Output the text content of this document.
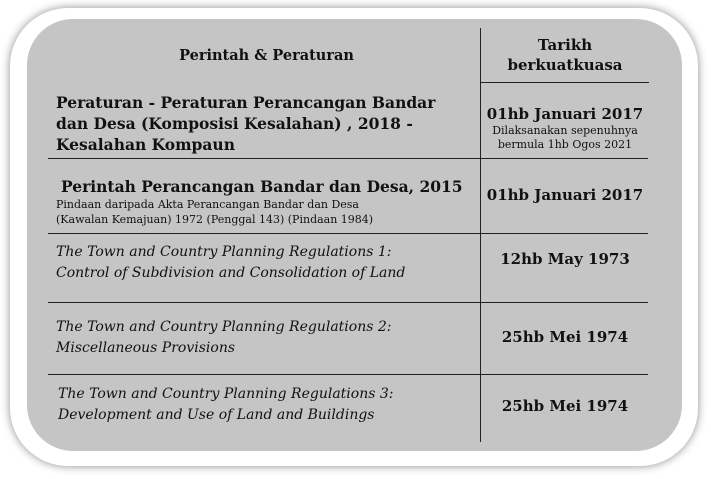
Perintah & Peraturan
Tarikh
berkuatkuasa
Peraturan - Peraturan Perancangan Bandar
dan Desa (Komposisi Kesalahan) , 2018 -
Kesalahan Kompaun
01hb Januari 2017
Dilaksanakan sepenuhnya
bermula 1hb Ogos 2021
Perintah Perancangan Bandar dan Desa, 2015
Pindaan daripada Akta Perancangan Bandar dan Desa
(Kawalan Kemajuan) 1972 (Penggal 143) (Pindaan 1984)
01hb Januari 2017
The Town and Country Planning Regulations 1:
Control of Subdivision and Consolidation of Land
12hb May 1973
The Town and Country Planning Regulations 2:
Miscellaneous Provisions
25hb Mei 1974
The Town and Country Planning Regulations 3:
Development and Use of Land and Buildings	25hb Mei 1974
